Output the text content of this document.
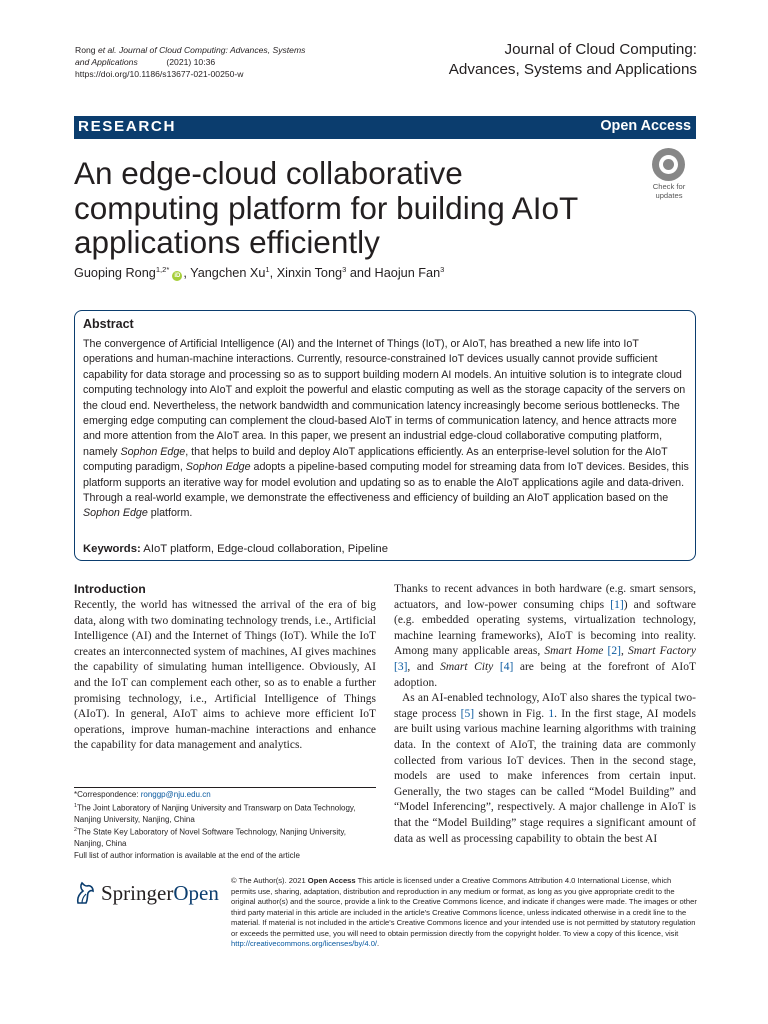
Rong et al. Journal of Cloud Computing: Advances, Systems
and Applications	(2021) 10:36
https://doi.org/10.1186/s13677-021-00250-w
Journal of Cloud Computing:
Advances, Systems and Applications
RESEARCH	Open Access
An edge-cloud collaborative computing platform for building AIoT applications efficiently
Check for
updates
Guoping Rong$^{1,2*}$iD , Yangchen Xu$^1$, Xinxin Tong$^3$ and Haojun Fan$^3$
Abstract
The convergence of Artificial Intelligence (AI) and the Internet of Things (IoT), or AIoT, has breathed a new life into IoT operations and human-machine interactions. Currently, resource-constrained IoT devices usually cannot provide sufficient capability for data storage and processing so as to support building modern AI models. An intuitive solution is to integrate cloud computing technology into AIoT and exploit the powerful and elastic computing as well as the storage capacity of the servers on the cloud end. Nevertheless, the network bandwidth and communication latency increasingly become serious bottlenecks. The emerging edge computing can complement the cloud-based AIoT in terms of communication latency, and hence attracts more and more attention from the AIoT area. In this paper, we present an industrial edge-cloud collaborative computing platform, namely Sophon Edge, that helps to build and deploy AIoT applications efficiently. As an enterprise-level solution for the AIoT computing paradigm, Sophon Edge adopts a pipeline-based computing model for streaming data from IoT devices. Besides, this platform supports an iterative way for model evolution and updating so as to enable the AIoT applications agile and data-driven. Through a real-world example, we demonstrate the effectiveness and efficiency of building an AIoT application based on the Sophon Edge platform.
Keywords: AIoT platform, Edge-cloud collaboration, Pipeline
Introduction
Recently, the world has witnessed the arrival of the era of big data, along with two dominating technology trends, i.e., Artificial Intelligence (AI) and the Internet of Things (IoT). While the IoT creates an interconnected system of machines, AI gives machines the capability of simulating human intelligence. Obviously, AI and the IoT can complement each other, so as to enable a further promising technology, i.e., Artificial Intelligence of Things (AIoT). In general, AIoT aims to achieve more efficient IoT operations, improve human-machine interactions and enhance the capability for data management and analytics.

Thanks to recent advances in both hardware (e.g. smart sensors, actuators, and low-power consuming chips [1]) and software (e.g. embedded operating systems, virtualization technology, machine learning frameworks), AIoT is becoming into reality. Among many applicable areas, Smart Home [2], Smart Factory [3], and Smart City [4] are being at the forefront of AIoT adoption.

As an AI-enabled technology, AIoT also shares the typical two-stage process [5] shown in Fig. 1. In the first stage, AI models are built using various machine learning algorithms with training data. In the context of AIoT, the training data are commonly collected from various IoT devices. Then in the second stage, models are used to make inferences from certain input. Generally, the two stages can be called “Model Building” and “Model Inferencing”, respectively. A major challenge in AIoT is that the “Model Building” stage requires a significant amount of data as well as processing capability to obtain the best AI

*Correspondence: ronggp@nju.edu.cn
$^1$The Joint Laboratory of Nanjing University and Transwarp on Data Technology, Nanjing University, Nanjing, China
$^2$The State Key Laboratory of Novel Software Technology, Nanjing University, Nanjing, China
Full list of author information is available at the end of the article
SpringerOpen
© The Author(s). 2021 Open Access This article is licensed under a Creative Commons Attribution 4.0 International License, which permits use, sharing, adaptation, distribution and reproduction in any medium or format, as long as you give appropriate credit to the original author(s) and the source, provide a link to the Creative Commons licence, and indicate if changes were made. The images or other third party material in this article are included in the article's Creative Commons licence, unless indicated otherwise in a credit line to the material. If material is not included in the article's Creative Commons licence and your intended use is not permitted by statutory regulation or exceeds the permitted use, you will need to obtain permission directly from the copyright holder. To view a copy of this licence, visit http://creativecommons.org/licenses/by/4.0/.
